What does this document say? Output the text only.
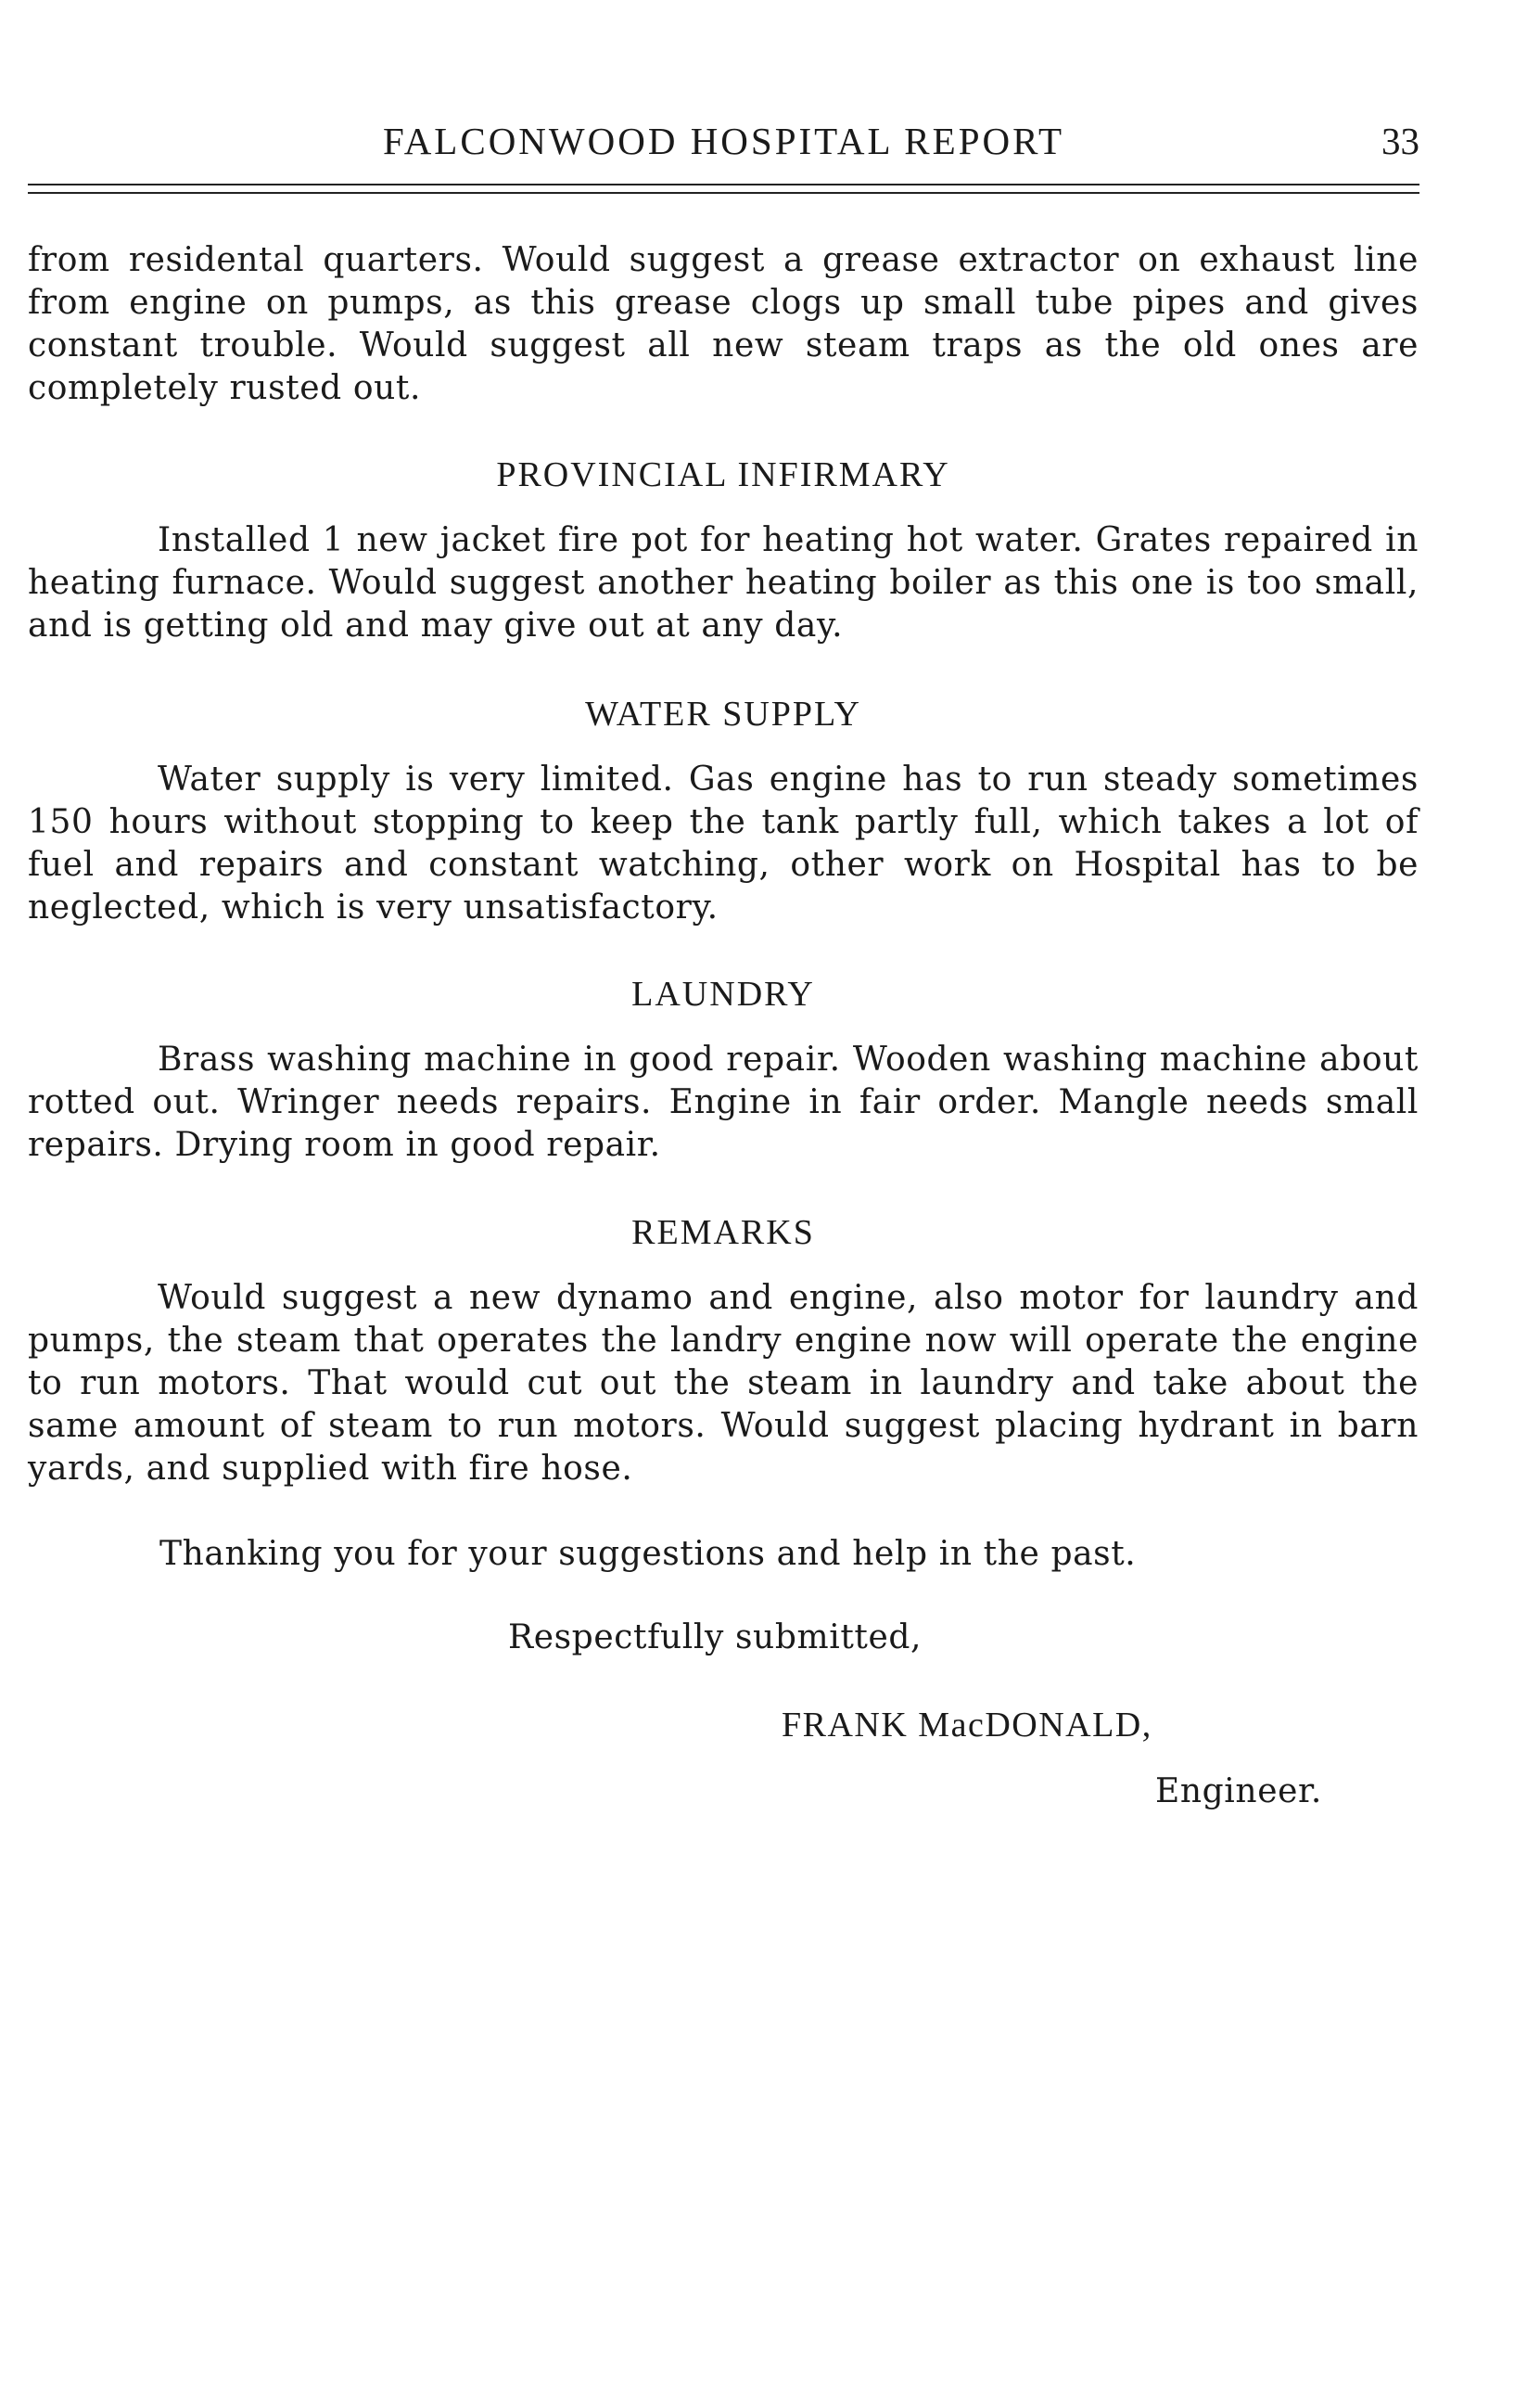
FALCONWOOD HOSPITAL REPORT	33
from residental quarters. Would suggest a grease extractor on exhaust line from engine on pumps, as this grease clogs up small tube pipes and gives constant trouble. Would suggest all new steam traps as the old ones are completely rusted out.
PROVINCIAL INFIRMARY
Installed 1 new jacket fire pot for heating hot water. Grates repaired in heating furnace. Would suggest another heating boiler as this one is too small, and is getting old and may give out at any day.
WATER SUPPLY
Water supply is very limited. Gas engine has to run steady sometimes 150 hours without stopping to keep the tank partly full, which takes a lot of fuel and repairs and constant watching, other work on Hospital has to be neglected, which is very unsatisfactory.
LAUNDRY
Brass washing machine in good repair. Wooden washing machine about rotted out. Wringer needs repairs. Engine in fair order. Mangle needs small repairs. Drying room in good repair.
REMARKS
Would suggest a new dynamo and engine, also motor for laundry and pumps, the steam that operates the landry engine now will operate the engine to run motors. That would cut out the steam in laundry and take about the same amount of steam to run motors. Would suggest placing hydrant in barn yards, and supplied with fire hose.
Thanking you for your suggestions and help in the past.
Respectfully submitted,
FRANK MacDONALD,
Engineer.
